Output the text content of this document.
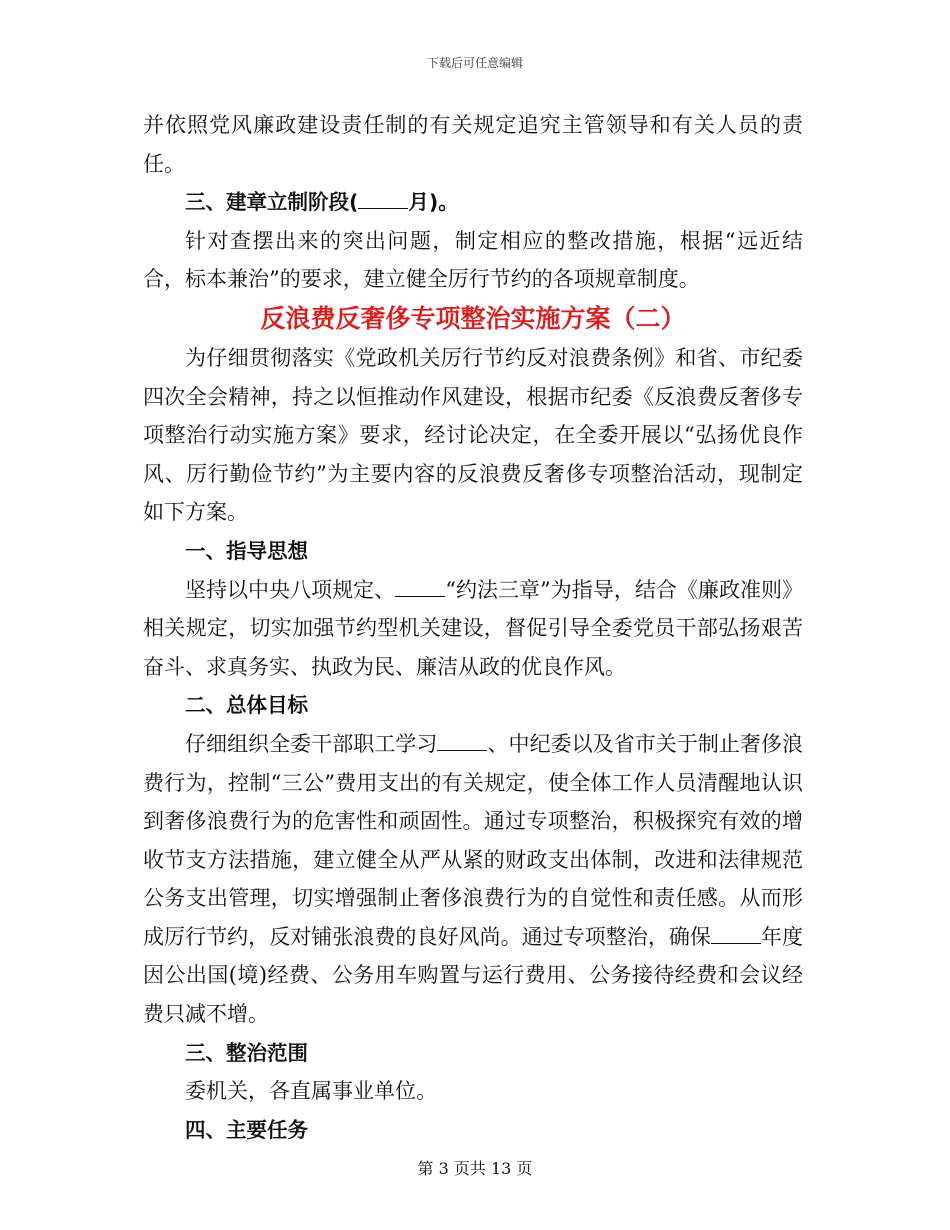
下载后可任意编辑

并依照党风廉政建设责任制的有关规定追究主管领导和有关人员的责任。

三、建章立制阶段( 月)。

针对查摆出来的突出问题，制定相应的整改措施，根据“远近结合，标本兼治”的要求，建立健全厉行节约的各项规章制度。

反浪费反奢侈专项整治实施方案（二）

为仔细贯彻落实《党政机关厉行节约反对浪费条例》和省、市纪委四次全会精神，持之以恒推动作风建设，根据市纪委《反浪费反奢侈专项整治行动实施方案》要求，经讨论决定，在全委开展以“弘扬优良作风、厉行勤俭节约”为主要内容的反浪费反奢侈专项整治活动，现制定如下方案。

一、指导思想

坚持以中央八项规定、 “约法三章”为指导，结合《廉政准则》相关规定，切实加强节约型机关建设，督促引导全委党员干部弘扬艰苦奋斗、求真务实、执政为民、廉洁从政的优良作风。

二、总体目标

仔细组织全委干部职工学习 、中纪委以及省市关于制止奢侈浪费行为，控制“三公”费用支出的有关规定，使全体工作人员清醒地认识到奢侈浪费行为的危害性和顽固性。通过专项整治，积极探究有效的增收节支方法措施，建立健全从严从紧的财政支出体制，改进和法律规范公务支出管理，切实增强制止奢侈浪费行为的自觉性和责任感。从而形成厉行节约，反对铺张浪费的良好风尚。通过专项整治，确保 年度因公出国(境)经费、公务用车购置与运行费用、公务接待经费和会议经费只减不增。

三、整治范围

委机关，各直属事业单位。

四、主要任务

第 3 页共 13 页
